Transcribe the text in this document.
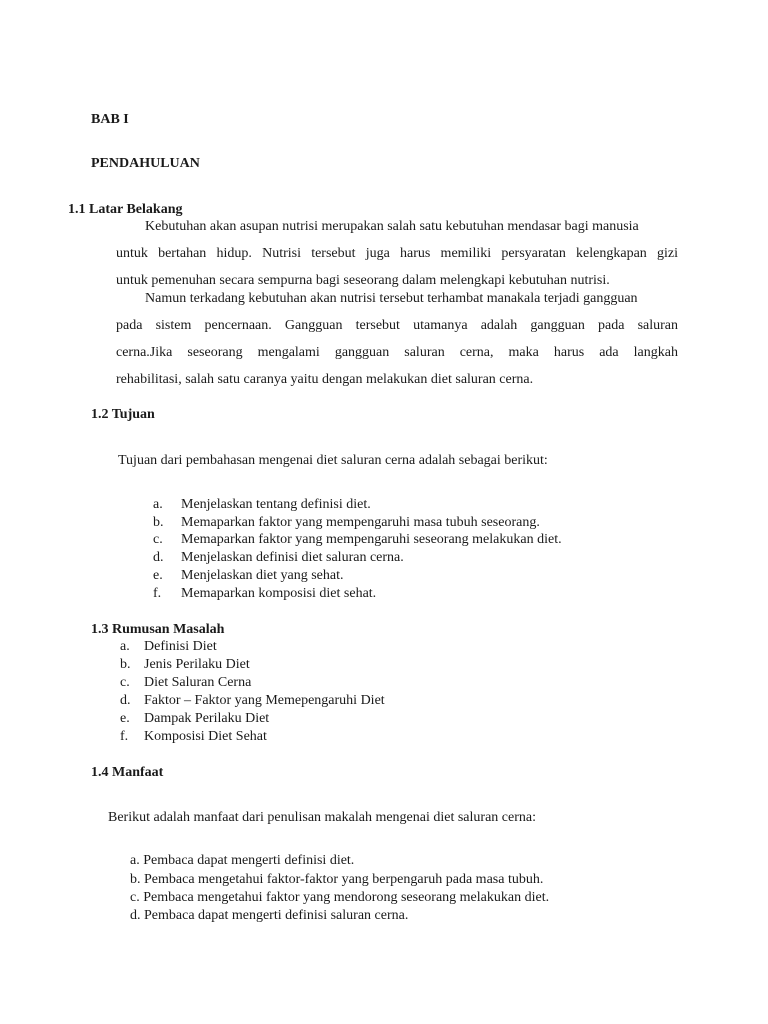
BAB I
PENDAHULUAN
1.1 Latar Belakang
Kebutuhan akan asupan nutrisi merupakan salah satu kebutuhan mendasar bagi manusia
untuk bertahan hidup. Nutrisi tersebut juga harus memiliki persyaratan kelengkapan gizi
untuk pemenuhan secara sempurna bagi seseorang dalam melengkapi kebutuhan nutrisi.
Namun terkadang kebutuhan akan nutrisi tersebut terhambat manakala terjadi gangguan
pada sistem pencernaan. Gangguan tersebut utamanya adalah gangguan pada saluran
cerna.Jika seseorang mengalami gangguan saluran cerna, maka harus ada langkah
rehabilitasi, salah satu caranya yaitu dengan melakukan diet saluran cerna.
1.2 Tujuan
Tujuan dari pembahasan mengenai diet saluran cerna adalah sebagai berikut:
a. Menjelaskan tentang definisi diet.
b. Memaparkan faktor yang mempengaruhi masa tubuh seseorang.
c. Memaparkan faktor yang mempengaruhi seseorang melakukan diet.
d. Menjelaskan definisi diet saluran cerna.
e. Menjelaskan diet yang sehat.
f. Memaparkan komposisi diet sehat.
1.3 Rumusan Masalah
a. Definisi Diet
b. Jenis Perilaku Diet
c. Diet Saluran Cerna
d. Faktor – Faktor yang Memepengaruhi Diet
e. Dampak Perilaku Diet
f. Komposisi Diet Sehat
1.4 Manfaat
Berikut adalah manfaat dari penulisan makalah mengenai diet saluran cerna:
a. Pembaca dapat mengerti definisi diet.
b. Pembaca mengetahui faktor-faktor yang berpengaruh pada masa tubuh.
c. Pembaca mengetahui faktor yang mendorong seseorang melakukan diet.
d. Pembaca dapat mengerti definisi saluran cerna.
